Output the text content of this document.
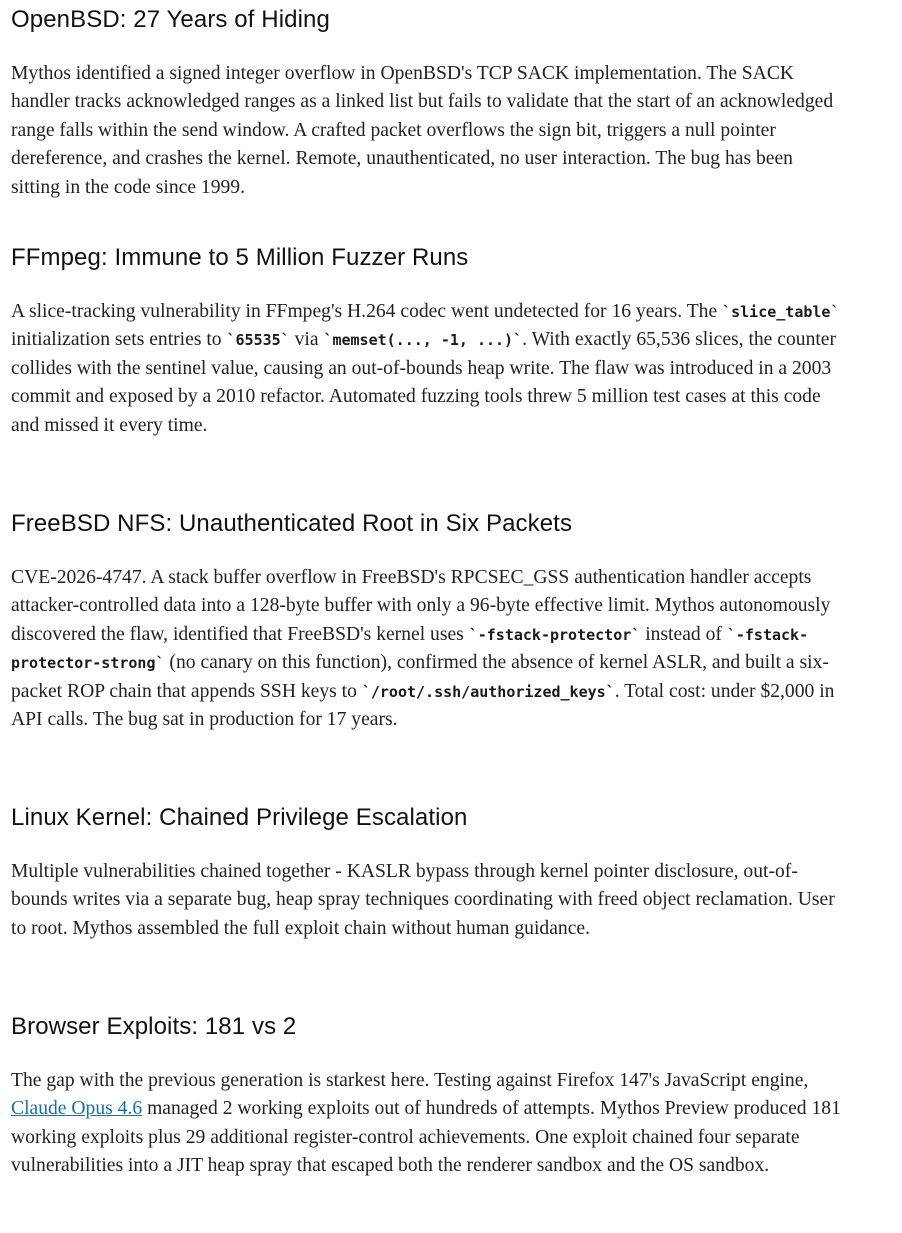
OpenBSD: 27 Years of Hiding

Mythos identified a signed integer overflow in OpenBSD's TCP SACK implementation. The SACK handler tracks acknowledged ranges as a linked list but fails to validate that the start of an acknowledged range falls within the send window. A crafted packet overflows the sign bit, triggers a null pointer dereference, and crashes the kernel. Remote, unauthenticated, no user interaction. The bug has been sitting in the code since 1999.

FFmpeg: Immune to 5 Million Fuzzer Runs

A slice-tracking vulnerability in FFmpeg's H.264 codec went undetected for 16 years. The `slice_table` initialization sets entries to `65535` via `memset(..., -1, ...)`. With exactly 65,536 slices, the counter collides with the sentinel value, causing an out-of-bounds heap write. The flaw was introduced in a 2003 commit and exposed by a 2010 refactor. Automated fuzzing tools threw 5 million test cases at this code and missed it every time.

FreeBSD NFS: Unauthenticated Root in Six Packets

CVE-2026-4747. A stack buffer overflow in FreeBSD's RPCSEC_GSS authentication handler accepts attacker-controlled data into a 128-byte buffer with only a 96-byte effective limit. Mythos autonomously discovered the flaw, identified that FreeBSD's kernel uses `-fstack-protector` instead of `-fstack-protector-strong` (no canary on this function), confirmed the absence of kernel ASLR, and built a six-packet ROP chain that appends SSH keys to `/root/.ssh/authorized_keys`. Total cost: under $2,000 in API calls. The bug sat in production for 17 years.

Linux Kernel: Chained Privilege Escalation

Multiple vulnerabilities chained together - KASLR bypass through kernel pointer disclosure, out-of-bounds writes via a separate bug, heap spray techniques coordinating with freed object reclamation. User to root. Mythos assembled the full exploit chain without human guidance.

Browser Exploits: 181 vs 2

The gap with the previous generation is starkest here. Testing against Firefox 147's JavaScript engine, Claude Opus 4.6 managed 2 working exploits out of hundreds of attempts. Mythos Preview produced 181 working exploits plus 29 additional register-control achievements. One exploit chained four separate vulnerabilities into a JIT heap spray that escaped both the renderer sandbox and the OS sandbox.
